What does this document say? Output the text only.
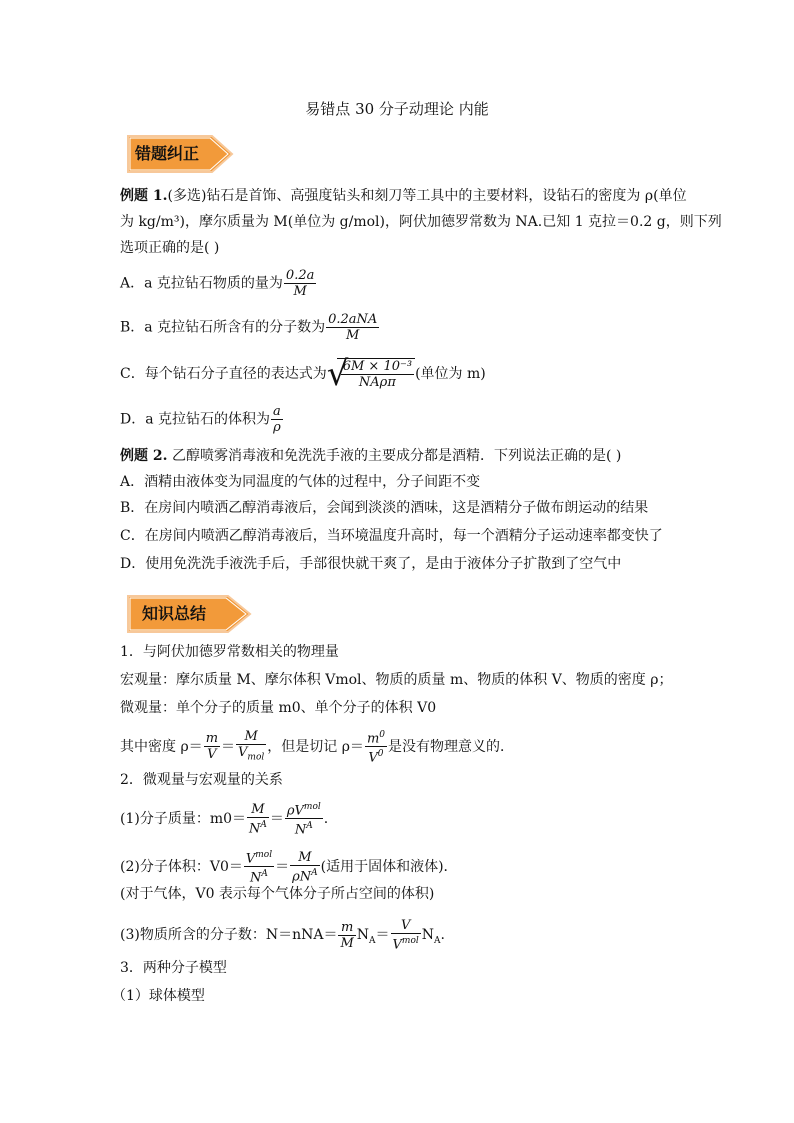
易错点 30 分子动理论 内能
错题纠正
例题 1.(多选)钻石是首饰、高强度钻头和刻刀等工具中的主要材料，设钻石的密度为 ρ(单位
为 kg/m³)，摩尔质量为 M(单位为 g/mol)，阿伏加德罗常数为 NA.已知 1 克拉＝0.2 g，则下列
选项正确的是( )
A．a 克拉钻石物质的量为 $\frac{0.2a}{M}$
B．a 克拉钻石所含有的分子数为 $\frac{\text{0.2aNA}}{M}$
C．每个钻石分子直径的表达式为 √
$\frac{\text{6M × 10⁻³}}{\text{NAρπ}}$ (单位为 m)
D．a 克拉钻石的体积为 $\frac{a}{\rho}$
例题 2. 乙醇喷雾消毒液和免洗洗手液的主要成分都是酒精．下列说法正确的是( )
A．酒精由液体变为同温度的气体的过程中，分子间距不变
B．在房间内喷洒乙醇消毒液后，会闻到淡淡的酒味，这是酒精分子做布朗运动的结果
C．在房间内喷洒乙醇消毒液后，当环境温度升高时，每一个酒精分子运动速率都变快了
D．使用免洗洗手液洗手后，手部很快就干爽了，是由于液体分子扩散到了空气中
知识总结
1．与阿伏加德罗常数相关的物理量
宏观量：摩尔质量 M、摩尔体积 Vmol、物质的质量 m、物质的体积 V、物质的密度 ρ；
微观量：单个分子的质量 m0、单个分子的体积 V0
其中密度 $\rho= \frac{m}{V} = \frac{M}{V_{mol}}$ ，但是切记 $\rho= \frac{m^0}{V^0}$ 是没有物理意义的．
2．微观量与宏观量的关系
(1)分子质量：$m0= \frac{M}{N^A} = \frac{\rho V^{mol}}{N^A}$ .
(2)分子体积：$V0= \frac{V^{mol}}{N^A} = \frac{M}{\rho N^A}$ (适用于固体和液体)．
(对于气体，V0 表示每个气体分子所占空间的体积)
(3)物质所含的分子数：$N=nNA= \frac{m}{M} N_A= \frac{V}{V^{mol}} N_A$.
3．两种分子模型
（1）球体模型
